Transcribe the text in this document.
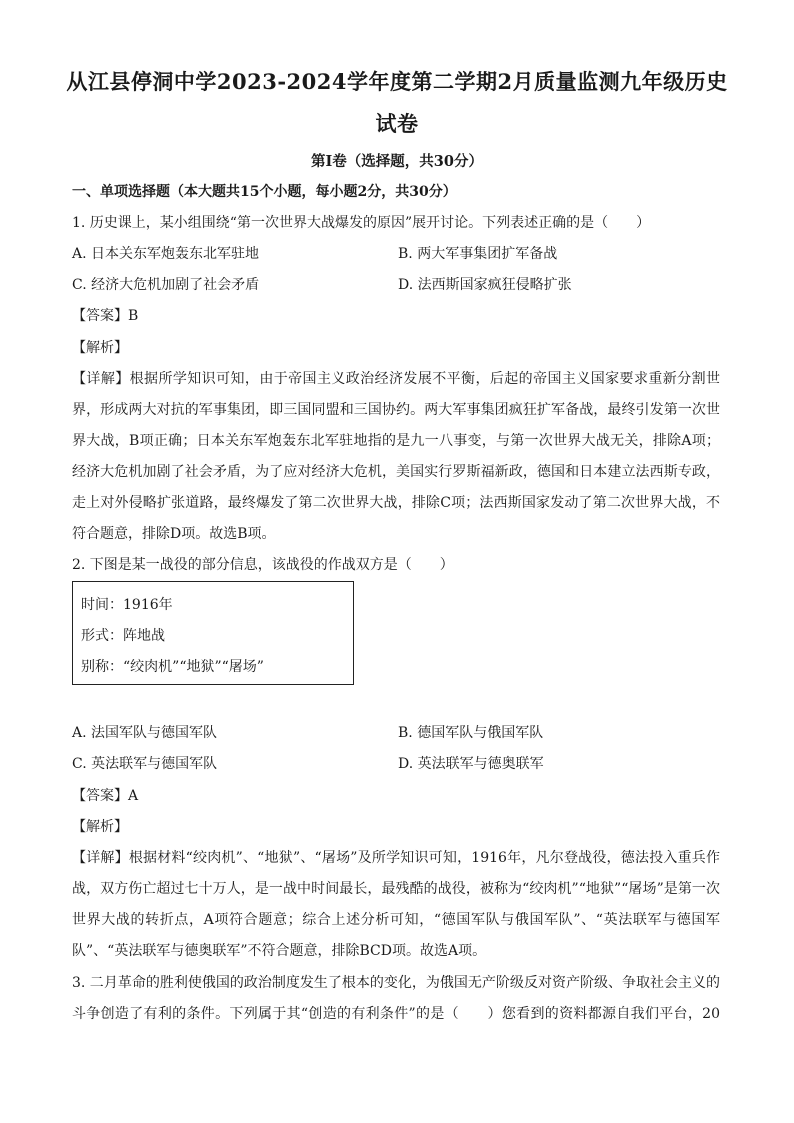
从江县停洞中学2023-2024学年度第二学期2月质量监测九年级历史
试卷
第Ⅰ卷（选择题，共30分）
一、单项选择题（本大题共15个小题，每小题2分，共30分）
1. 历史课上，某小组围绕“第一次世界大战爆发的原因”展开讨论。下列表述正确的是（　　）
A. 日本关东军炮轰东北军驻地	B. 两大军事集团扩军备战
C. 经济大危机加剧了社会矛盾	D. 法西斯国家疯狂侵略扩张
【答案】B
【解析】
【详解】根据所学知识可知，由于帝国主义政治经济发展不平衡，后起的帝国主义国家要求重新分割世
界，形成两大对抗的军事集团，即三国同盟和三国协约。两大军事集团疯狂扩军备战，最终引发第一次世
界大战，B项正确；日本关东军炮轰东北军驻地指的是九一八事变，与第一次世界大战无关，排除A项；
经济大危机加剧了社会矛盾，为了应对经济大危机，美国实行罗斯福新政，德国和日本建立法西斯专政，
走上对外侵略扩张道路，最终爆发了第二次世界大战，排除C项；法西斯国家发动了第二次世界大战，不
符合题意，排除D项。故选B项。
2. 下图是某一战役的部分信息，该战役的作战双方是（　　）
时间：1916年
形式：阵地战
别称：“绞肉机”“地狱”“屠场”
A. 法国军队与德国军队	B. 德国军队与俄国军队
C. 英法联军与德国军队	D. 英法联军与德奥联军
【答案】A
【解析】
【详解】根据材料“绞肉机”、“地狱”、“屠场”及所学知识可知，1916年，凡尔登战役，德法投入重兵作
战，双方伤亡超过七十万人，是一战中时间最长，最残酷的战役，被称为“绞肉机”“地狱”“屠场”是第一次
世界大战的转折点，A项符合题意；综合上述分析可知，“德国军队与俄国军队”、“英法联军与德国军
队”、“英法联军与德奥联军”不符合题意，排除BCD项。故选A项。
3. 二月革命的胜利使俄国的政治制度发生了根本的变化，为俄国无产阶级反对资产阶级、争取社会主义的
斗争创造了有利的条件。下列属于其“创造的有利条件”的是（　　）您看到的资料都源自我们平台，20
